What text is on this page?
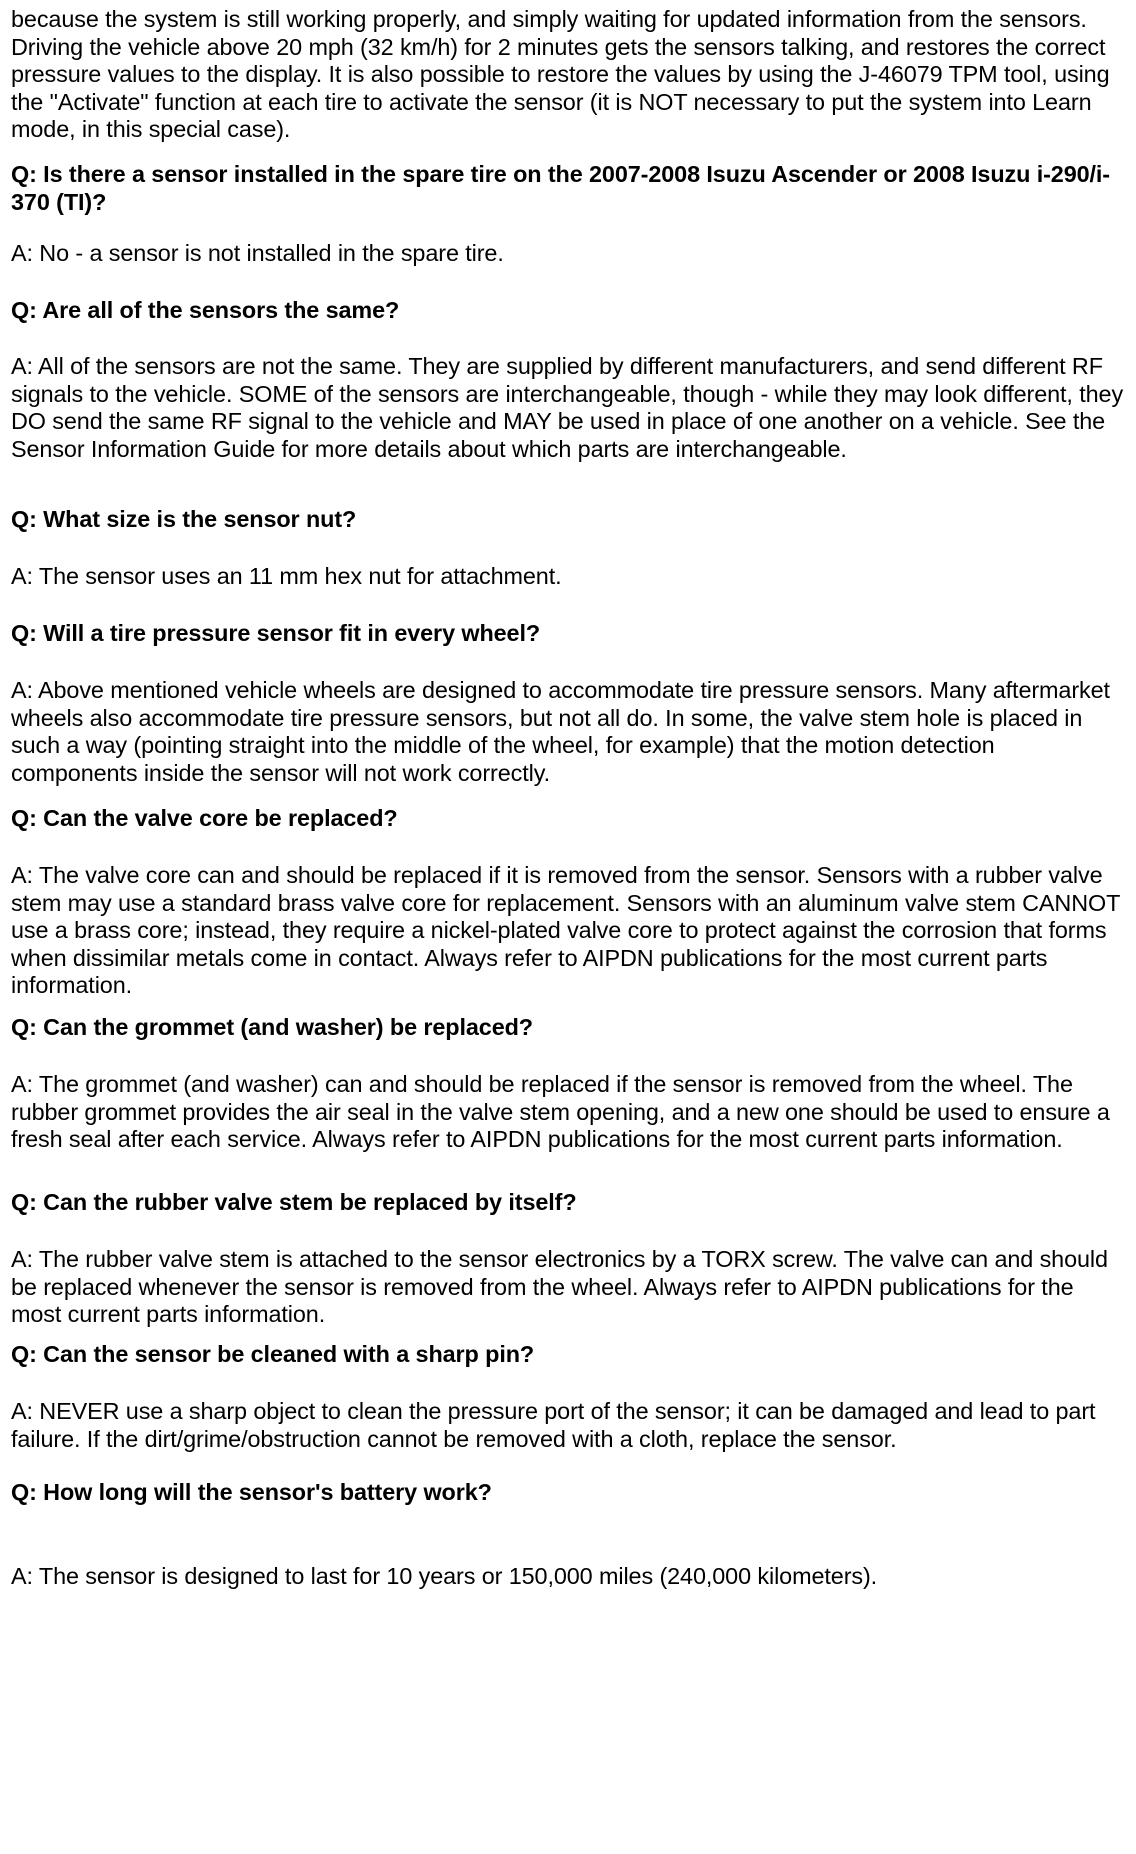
because the system is still working properly, and simply waiting for updated information from the sensors. Driving the vehicle above 20 mph (32 km/h) for 2 minutes gets the sensors talking, and restores the correct pressure values to the display. It is also possible to restore the values by using the J-46079 TPM tool, using the "Activate" function at each tire to activate the sensor (it is NOT necessary to put the system into Learn mode, in this special case).

Q: Is there a sensor installed in the spare tire on the 2007-2008 Isuzu Ascender or 2008 Isuzu i-290/i-370 (TI)?

A: No - a sensor is not installed in the spare tire.

Q: Are all of the sensors the same?

A: All of the sensors are not the same. They are supplied by different manufacturers, and send different RF signals to the vehicle. SOME of the sensors are interchangeable, though - while they may look different, they DO send the same RF signal to the vehicle and MAY be used in place of one another on a vehicle. See the Sensor Information Guide for more details about which parts are interchangeable.

Q: What size is the sensor nut?

A: The sensor uses an 11 mm hex nut for attachment.

Q: Will a tire pressure sensor fit in every wheel?

A: Above mentioned vehicle wheels are designed to accommodate tire pressure sensors. Many aftermarket wheels also accommodate tire pressure sensors, but not all do. In some, the valve stem hole is placed in such a way (pointing straight into the middle of the wheel, for example) that the motion detection components inside the sensor will not work correctly.

Q: Can the valve core be replaced?

A: The valve core can and should be replaced if it is removed from the sensor. Sensors with a rubber valve stem may use a standard brass valve core for replacement. Sensors with an aluminum valve stem CANNOT use a brass core; instead, they require a nickel-plated valve core to protect against the corrosion that forms when dissimilar metals come in contact. Always refer to AIPDN publications for the most current parts information.

Q: Can the grommet (and washer) be replaced?

A: The grommet (and washer) can and should be replaced if the sensor is removed from the wheel. The rubber grommet provides the air seal in the valve stem opening, and a new one should be used to ensure a fresh seal after each service. Always refer to AIPDN publications for the most current parts information.

Q: Can the rubber valve stem be replaced by itself?

A: The rubber valve stem is attached to the sensor electronics by a TORX screw. The valve can and should be replaced whenever the sensor is removed from the wheel. Always refer to AIPDN publications for the most current parts information.

Q: Can the sensor be cleaned with a sharp pin?

A: NEVER use a sharp object to clean the pressure port of the sensor; it can be damaged and lead to part failure. If the dirt/grime/obstruction cannot be removed with a cloth, replace the sensor.

Q: How long will the sensor's battery work?

A: The sensor is designed to last for 10 years or 150,000 miles (240,000 kilometers).
